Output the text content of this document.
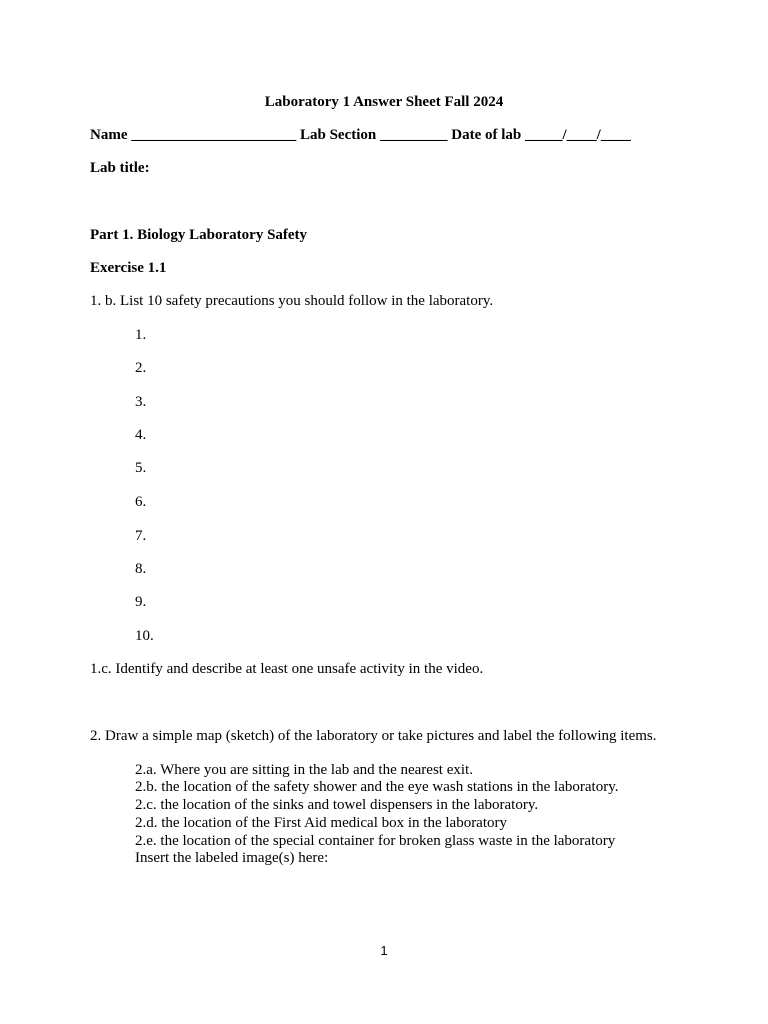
Laboratory 1 Answer Sheet Fall 2024
Name ______________________ Lab Section _________ Date of lab _____/____/____
Lab title:
Part 1. Biology Laboratory Safety
Exercise 1.1
1. b. List 10 safety precautions you should follow in the laboratory.
1.
2.
3.
4.
5.
6.
7.
8.
9.
10.
1.c. Identify and describe at least one unsafe activity in the video.
2. Draw a simple map (sketch) of the laboratory or take pictures and label the following items.
2.a. Where you are sitting in the lab and the nearest exit.
2.b. the location of the safety shower and the eye wash stations in the laboratory.
2.c. the location of the sinks and towel dispensers in the laboratory.
2.d. the location of the First Aid medical box in the laboratory
2.e. the location of the special container for broken glass waste in the laboratory
Insert the labeled image(s) here:
1
